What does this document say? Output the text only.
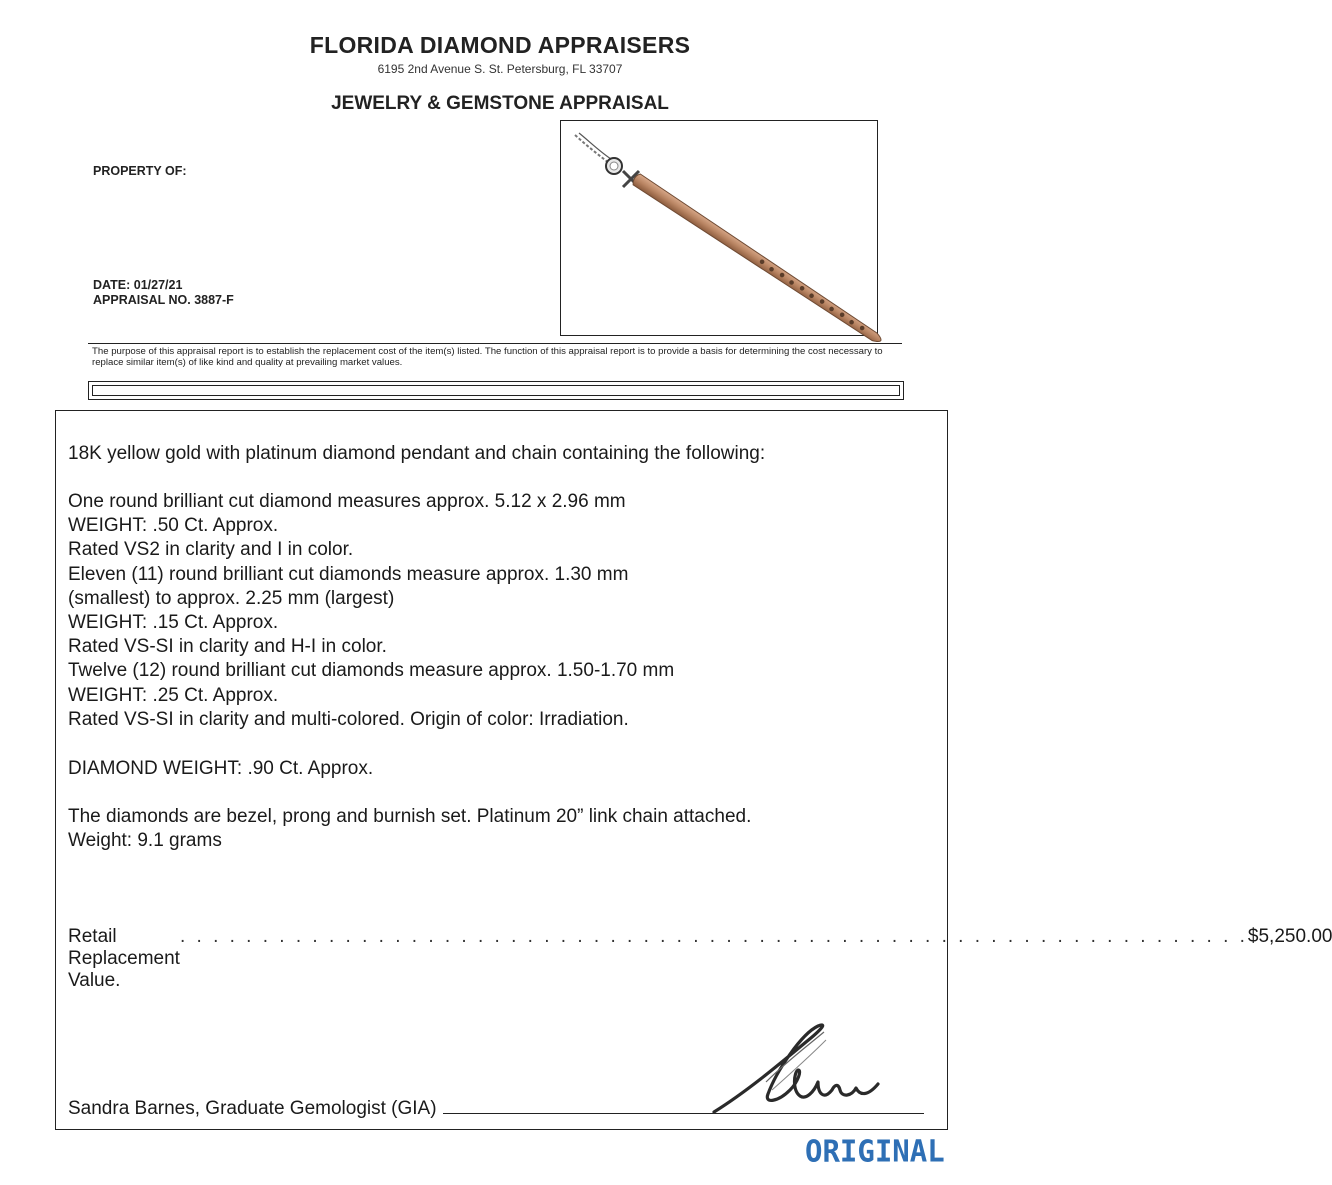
FLORIDA DIAMOND APPRAISERS
6195 2nd Avenue S. St. Petersburg, FL 33707
JEWELRY & GEMSTONE APPRAISAL
PROPERTY OF:
DATE: 01/27/21
APPRAISAL NO. 3887-F
The purpose of this appraisal report is to establish the replacement cost of the item(s) listed. The function of this appraisal report is to provide a basis for determining the cost necessary to replace similar item(s) of like kind and quality at prevailing market values.
18K yellow gold with platinum diamond pendant and chain containing the following:
One round brilliant cut diamond measures approx. 5.12 x 2.96 mm
WEIGHT: .50 Ct. Approx.
Rated VS2 in clarity and I in color.
Eleven (11) round brilliant cut diamonds measure approx. 1.30 mm
(smallest) to approx. 2.25 mm (largest)
WEIGHT: .15 Ct. Approx.
Rated VS-SI in clarity and H-I in color.
Twelve (12) round brilliant cut diamonds measure approx. 1.50-1.70 mm
WEIGHT: .25 Ct. Approx.
Rated VS-SI in clarity and multi-colored. Origin of color: Irradiation.
DIAMOND WEIGHT: .90 Ct. Approx.
The diamonds are bezel, prong and burnish set. Platinum 20” link chain attached.
Weight: 9.1 grams
Retail Replacement Value.
. . . . . . . . . . . . . . . . . . . . . . . . . . . . . . . . . . . . . . . . . . . . . . . . . . . . . . . . . . . . . . . . . $5,250.00
Sandra Barnes, Graduate Gemologist (GIA)
ORIGINAL
